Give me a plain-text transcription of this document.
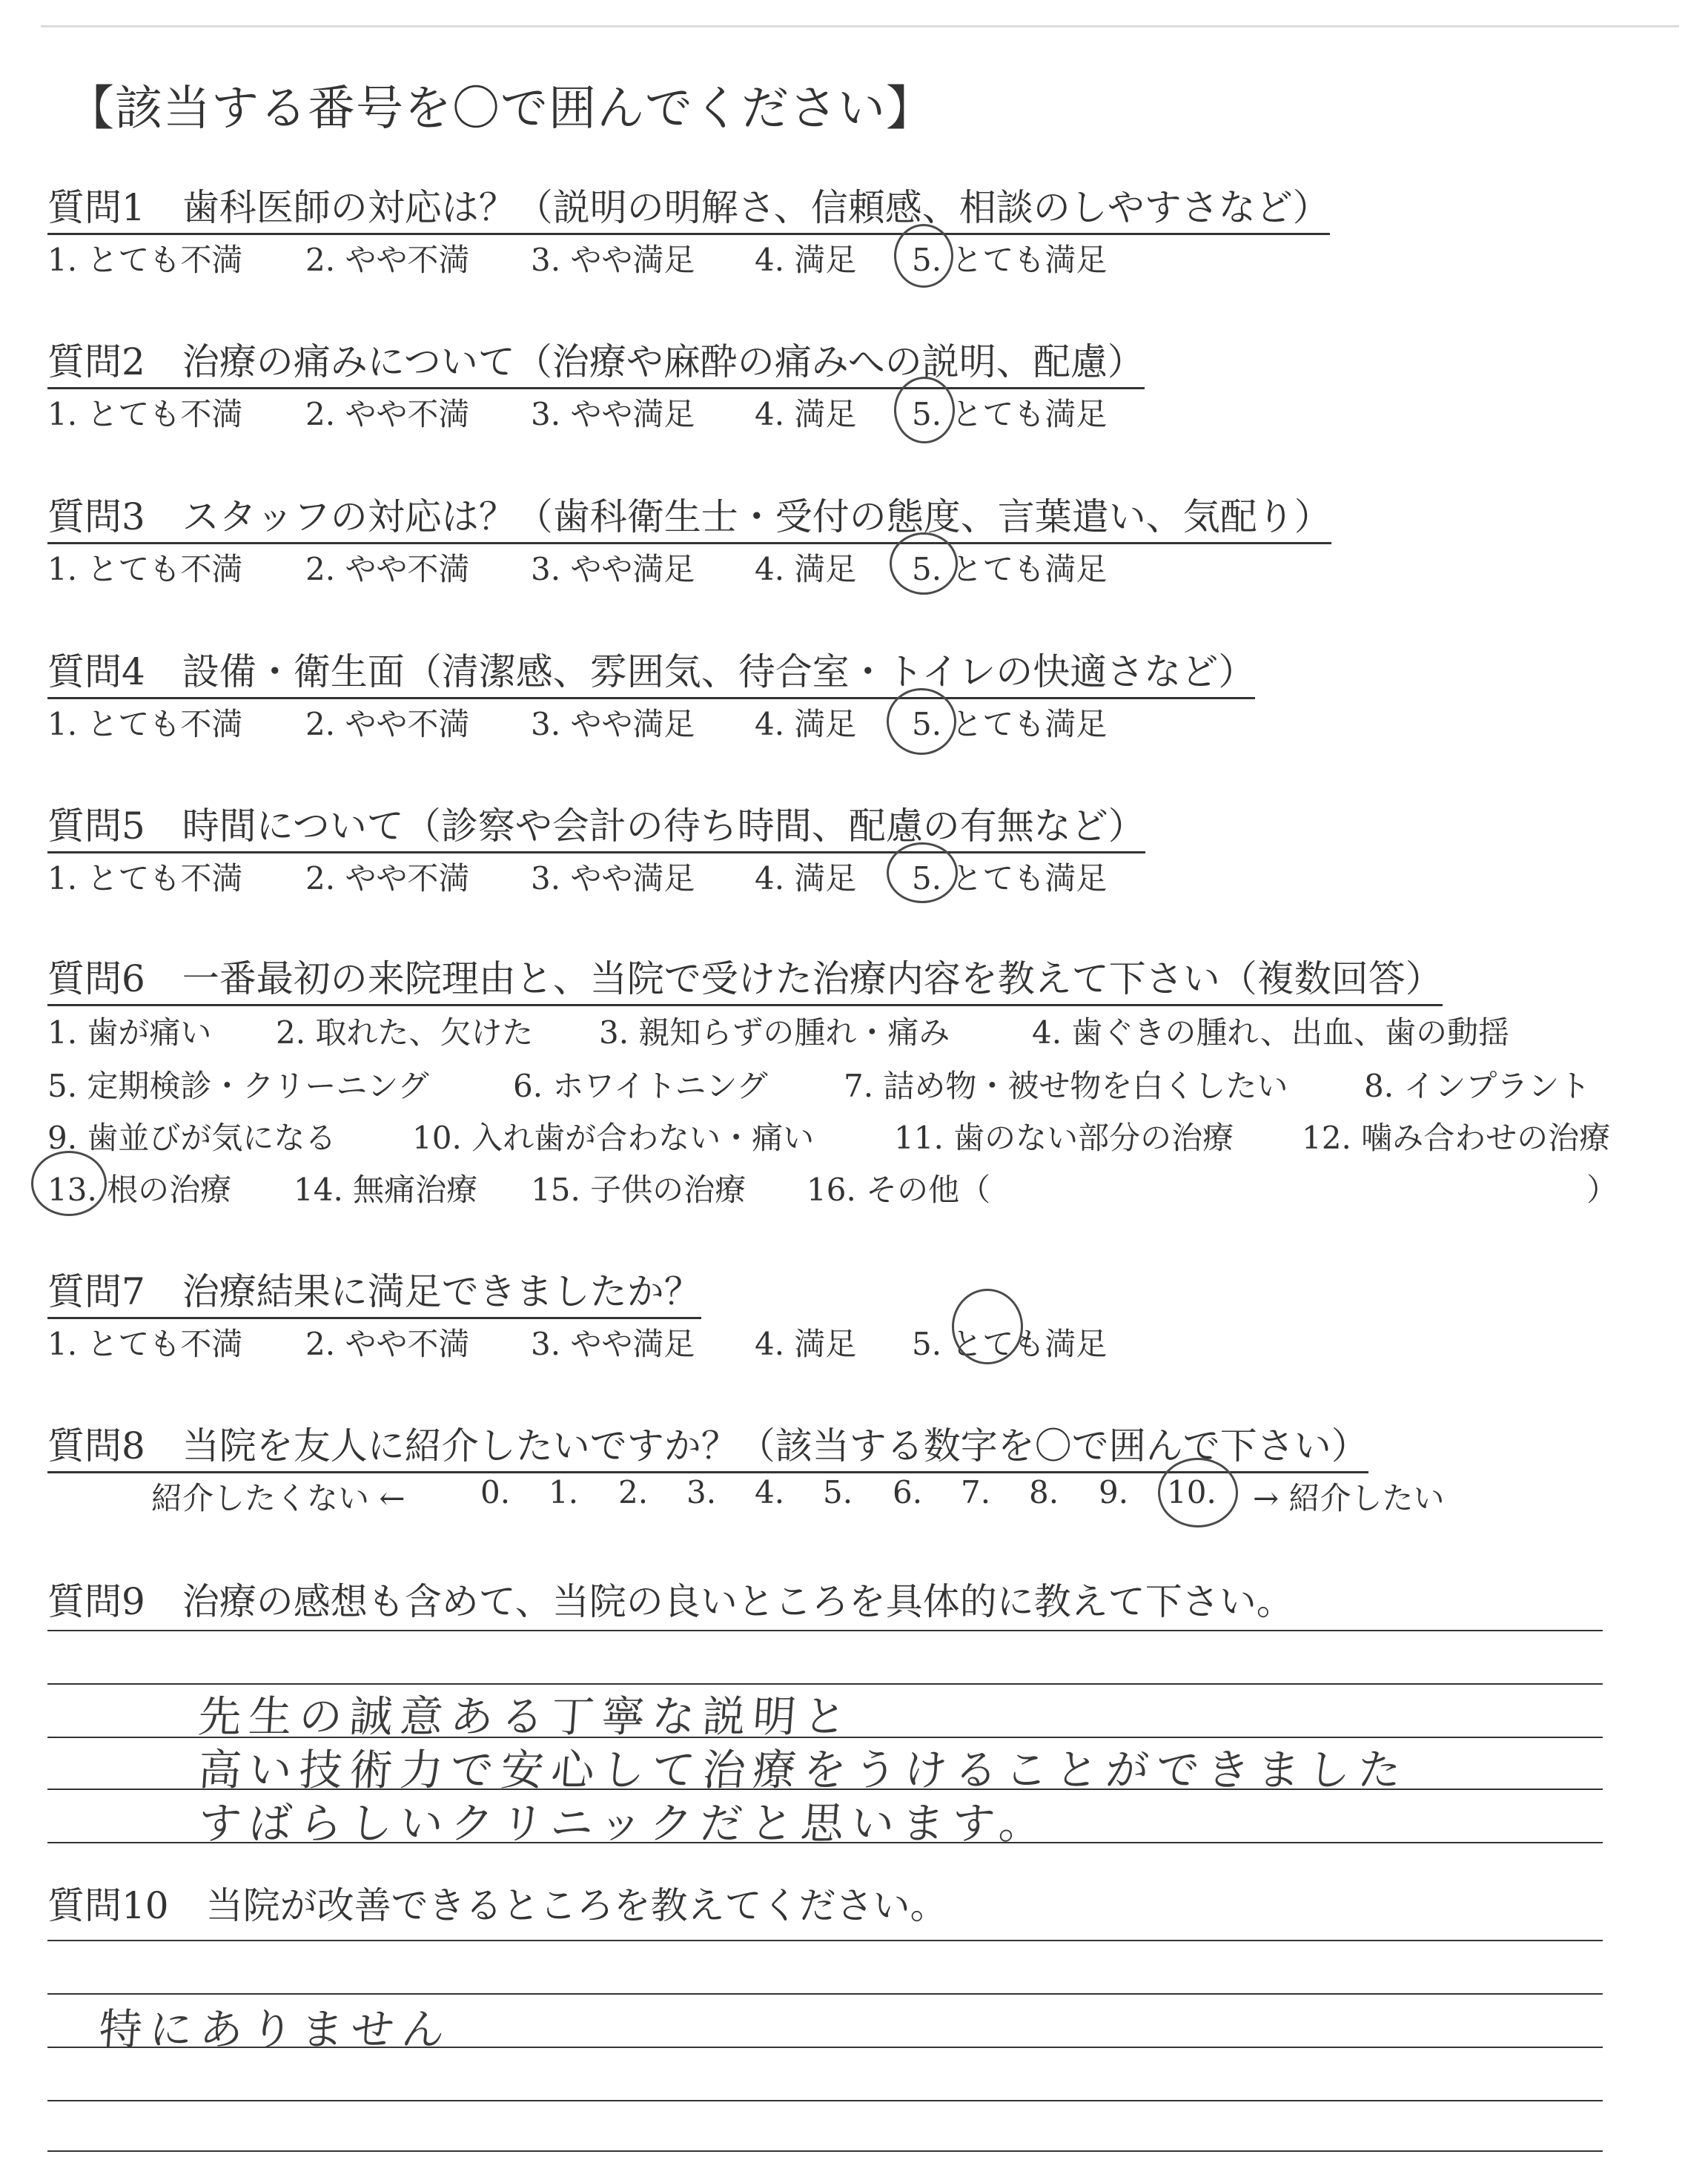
【該当する番号を〇で囲んでください】
質問1　歯科医師の対応は？（説明の明解さ、信頼感、相談のしやすさなど）
1. とても不満 2. やや不満 3. やや満足 4. 満足 5. とても満足
質問2　治療の痛みについて（治療や麻酔の痛みへの説明、配慮）
1. とても不満 2. やや不満 3. やや満足 4. 満足 5. とても満足
質問3　スタッフの対応は？（歯科衛生士・受付の態度、言葉遣い、気配り）
1. とても不満 2. やや不満 3. やや満足 4. 満足 5. とても満足
質問4　設備・衛生面（清潔感、雰囲気、待合室・トイレの快適さなど）
1. とても不満 2. やや不満 3. やや満足 4. 満足 5. とても満足
質問5　時間について（診察や会計の待ち時間、配慮の有無など）
1. とても不満 2. やや不満 3. やや満足 4. 満足 5. とても満足
質問6　一番最初の来院理由と、当院で受けた治療内容を教えて下さい（複数回答）
1. 歯が痛い 2. 取れた、欠けた 3. 親知らずの腫れ・痛み	4. 歯ぐきの腫れ、出血、歯の動揺
5. 定期検診・クリーニング	6. ホワイトニング 7. 詰め物・被せ物を白くしたい 8. インプラント
9. 歯並びが気になる 10. 入れ歯が合わない・痛い	11. 歯のない部分の治療 12. 噛み合わせの治療
13. 根の治療 14. 無痛治療 15. 子供の治療 16. その他（	）
質問7　治療結果に満足できましたか？
1. とても不満 2. やや不満 3. やや満足 4. 満足 5. とても満足
質問8　当院を友人に紹介したいですか？（該当する数字を〇で囲んで下さい）
紹介したくない ← 0. 1. 2. 3. 4. 5. 6. 7. 8. 9. 10. → 紹介したい
質問9　治療の感想も含めて、当院の良いところを具体的に教えて下さい。
先生の誠意ある丁寧な説明と
高い技術力で安心して治療をうけることができました
すばらしいクリニックだと思います。
質問10　当院が改善できるところを教えてください。
特にありません
